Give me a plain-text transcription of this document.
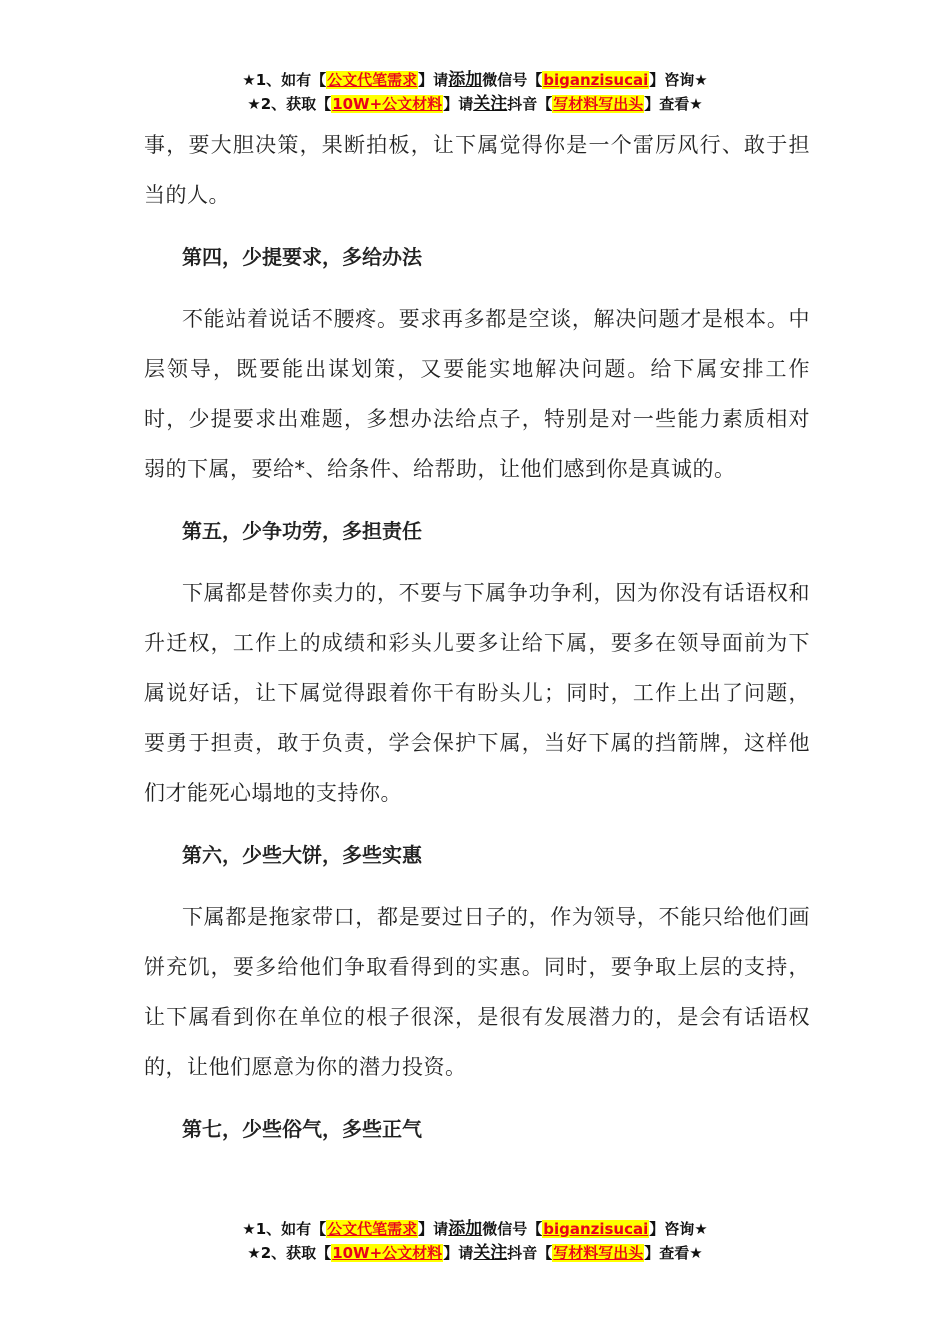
★1、如有【公文代笔需求】请添加微信号【biganzisucai】咨询★
★2、获取【10W+公文材料】请关注抖音【写材料写出头】查看★

事，要大胆决策，果断拍板，让下属觉得你是一个雷厉风行、敢于担当的人。

第四，少提要求，多给办法

不能站着说话不腰疼。要求再多都是空谈，解决问题才是根本。中层领导，既要能出谋划策，又要能实地解决问题。给下属安排工作时，少提要求出难题，多想办法给点子，特别是对一些能力素质相对弱的下属，要给*、给条件、给帮助，让他们感到你是真诚的。

第五，少争功劳，多担责任

下属都是替你卖力的，不要与下属争功争利，因为你没有话语权和升迁权，工作上的成绩和彩头儿要多让给下属，要多在领导面前为下属说好话，让下属觉得跟着你干有盼头儿；同时，工作上出了问题，要勇于担责，敢于负责，学会保护下属，当好下属的挡箭牌，这样他们才能死心塌地的支持你。

第六，少些大饼，多些实惠

下属都是拖家带口，都是要过日子的，作为领导，不能只给他们画饼充饥，要多给他们争取看得到的实惠。同时，要争取上层的支持，让下属看到你在单位的根子很深，是很有发展潜力的，是会有话语权的，让他们愿意为你的潜力投资。

第七，少些俗气，多些正气

★1、如有【公文代笔需求】请添加微信号【biganzisucai】咨询★
★2、获取【10W+公文材料】请关注抖音【写材料写出头】查看★
